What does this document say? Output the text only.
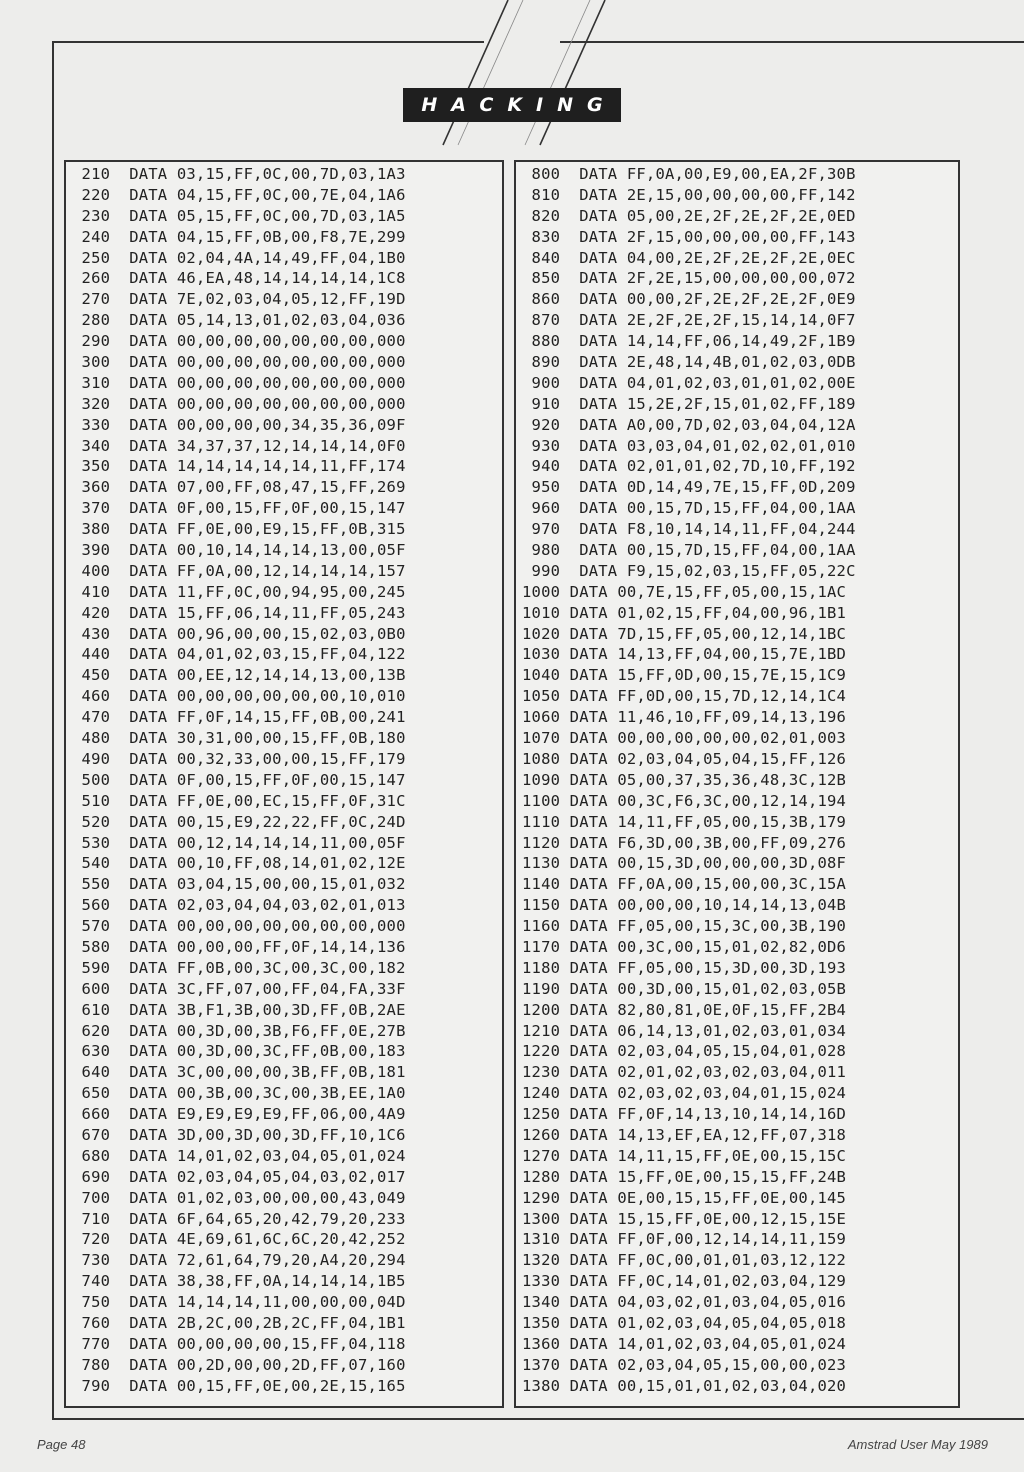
HACKING
210  DATA 03,15,FF,0C,00,7D,03,1A3
220  DATA 04,15,FF,0C,00,7E,04,1A6
230  DATA 05,15,FF,0C,00,7D,03,1A5
240  DATA 04,15,FF,0B,00,F8,7E,299
250  DATA 02,04,4A,14,49,FF,04,1B0
260  DATA 46,EA,48,14,14,14,14,1C8
270  DATA 7E,02,03,04,05,12,FF,19D
280  DATA 05,14,13,01,02,03,04,036
290  DATA 00,00,00,00,00,00,00,000
300  DATA 00,00,00,00,00,00,00,000
310  DATA 00,00,00,00,00,00,00,000
320  DATA 00,00,00,00,00,00,00,000
330  DATA 00,00,00,00,34,35,36,09F
340  DATA 34,37,37,12,14,14,14,0F0
350  DATA 14,14,14,14,14,11,FF,174
360  DATA 07,00,FF,08,47,15,FF,269
370  DATA 0F,00,15,FF,0F,00,15,147
380  DATA FF,0E,00,E9,15,FF,0B,315
390  DATA 00,10,14,14,14,13,00,05F
400  DATA FF,0A,00,12,14,14,14,157
410  DATA 11,FF,0C,00,94,95,00,245
420  DATA 15,FF,06,14,11,FF,05,243
430  DATA 00,96,00,00,15,02,03,0B0
440  DATA 04,01,02,03,15,FF,04,122
450  DATA 00,EE,12,14,14,13,00,13B
460  DATA 00,00,00,00,00,00,10,010
470  DATA FF,0F,14,15,FF,0B,00,241
480  DATA 30,31,00,00,15,FF,0B,180
490  DATA 00,32,33,00,00,15,FF,179
500  DATA 0F,00,15,FF,0F,00,15,147
510  DATA FF,0E,00,EC,15,FF,0F,31C
520  DATA 00,15,E9,22,22,FF,0C,24D
530  DATA 00,12,14,14,14,11,00,05F
540  DATA 00,10,FF,08,14,01,02,12E
550  DATA 03,04,15,00,00,15,01,032
560  DATA 02,03,04,04,03,02,01,013
570  DATA 00,00,00,00,00,00,00,000
580  DATA 00,00,00,FF,0F,14,14,136
590  DATA FF,0B,00,3C,00,3C,00,182
600  DATA 3C,FF,07,00,FF,04,FA,33F
610  DATA 3B,F1,3B,00,3D,FF,0B,2AE
620  DATA 00,3D,00,3B,F6,FF,0E,27B
630  DATA 00,3D,00,3C,FF,0B,00,183
640  DATA 3C,00,00,00,3B,FF,0B,181
650  DATA 00,3B,00,3C,00,3B,EE,1A0
660  DATA E9,E9,E9,E9,FF,06,00,4A9
670  DATA 3D,00,3D,00,3D,FF,10,1C6
680  DATA 14,01,02,03,04,05,01,024
690  DATA 02,03,04,05,04,03,02,017
700  DATA 01,02,03,00,00,00,43,049
710  DATA 6F,64,65,20,42,79,20,233
720  DATA 4E,69,61,6C,6C,20,42,252
730  DATA 72,61,64,79,20,A4,20,294
740  DATA 38,38,FF,0A,14,14,14,1B5
750  DATA 14,14,14,11,00,00,00,04D
760  DATA 2B,2C,00,2B,2C,FF,04,1B1
770  DATA 00,00,00,00,15,FF,04,118
780  DATA 00,2D,00,00,2D,FF,07,160
790  DATA 00,15,FF,0E,00,2E,15,165
800  DATA FF,0A,00,E9,00,EA,2F,30B
810  DATA 2E,15,00,00,00,00,FF,142
820  DATA 05,00,2E,2F,2E,2F,2E,0ED
830  DATA 2F,15,00,00,00,00,FF,143
840  DATA 04,00,2E,2F,2E,2F,2E,0EC
850  DATA 2F,2E,15,00,00,00,00,072
860  DATA 00,00,2F,2E,2F,2E,2F,0E9
870  DATA 2E,2F,2E,2F,15,14,14,0F7
880  DATA 14,14,FF,06,14,49,2F,1B9
890  DATA 2E,48,14,4B,01,02,03,0DB
900  DATA 04,01,02,03,01,01,02,00E
910  DATA 15,2E,2F,15,01,02,FF,189
920  DATA A0,00,7D,02,03,04,04,12A
930  DATA 03,03,04,01,02,02,01,010
940  DATA 02,01,01,02,7D,10,FF,192
950  DATA 0D,14,49,7E,15,FF,0D,209
960  DATA 00,15,7D,15,FF,04,00,1AA
970  DATA F8,10,14,14,11,FF,04,244
980  DATA 00,15,7D,15,FF,04,00,1AA
990  DATA F9,15,02,03,15,FF,05,22C
1000 DATA 00,7E,15,FF,05,00,15,1AC
1010 DATA 01,02,15,FF,04,00,96,1B1
1020 DATA 7D,15,FF,05,00,12,14,1BC
1030 DATA 14,13,FF,04,00,15,7E,1BD
1040 DATA 15,FF,0D,00,15,7E,15,1C9
1050 DATA FF,0D,00,15,7D,12,14,1C4
1060 DATA 11,46,10,FF,09,14,13,196
1070 DATA 00,00,00,00,00,02,01,003
1080 DATA 02,03,04,05,04,15,FF,126
1090 DATA 05,00,37,35,36,48,3C,12B
1100 DATA 00,3C,F6,3C,00,12,14,194
1110 DATA 14,11,FF,05,00,15,3B,179
1120 DATA F6,3D,00,3B,00,FF,09,276
1130 DATA 00,15,3D,00,00,00,3D,08F
1140 DATA FF,0A,00,15,00,00,3C,15A
1150 DATA 00,00,00,10,14,14,13,04B
1160 DATA FF,05,00,15,3C,00,3B,190
1170 DATA 00,3C,00,15,01,02,82,0D6
1180 DATA FF,05,00,15,3D,00,3D,193
1190 DATA 00,3D,00,15,01,02,03,05B
1200 DATA 82,80,81,0E,0F,15,FF,2B4
1210 DATA 06,14,13,01,02,03,01,034
1220 DATA 02,03,04,05,15,04,01,028
1230 DATA 02,01,02,03,02,03,04,011
1240 DATA 02,03,02,03,04,01,15,024
1250 DATA FF,0F,14,13,10,14,14,16D
1260 DATA 14,13,EF,EA,12,FF,07,318
1270 DATA 14,11,15,FF,0E,00,15,15C
1280 DATA 15,FF,0E,00,15,15,FF,24B
1290 DATA 0E,00,15,15,FF,0E,00,145
1300 DATA 15,15,FF,0E,00,12,15,15E
1310 DATA FF,0F,00,12,14,14,11,159
1320 DATA FF,0C,00,01,01,03,12,122
1330 DATA FF,0C,14,01,02,03,04,129
1340 DATA 04,03,02,01,03,04,05,016
1350 DATA 01,02,03,04,05,04,05,018
1360 DATA 14,01,02,03,04,05,01,024
1370 DATA 02,03,04,05,15,00,00,023
1380 DATA 00,15,01,01,02,03,04,020
Page 48	Amstrad User May 1989
